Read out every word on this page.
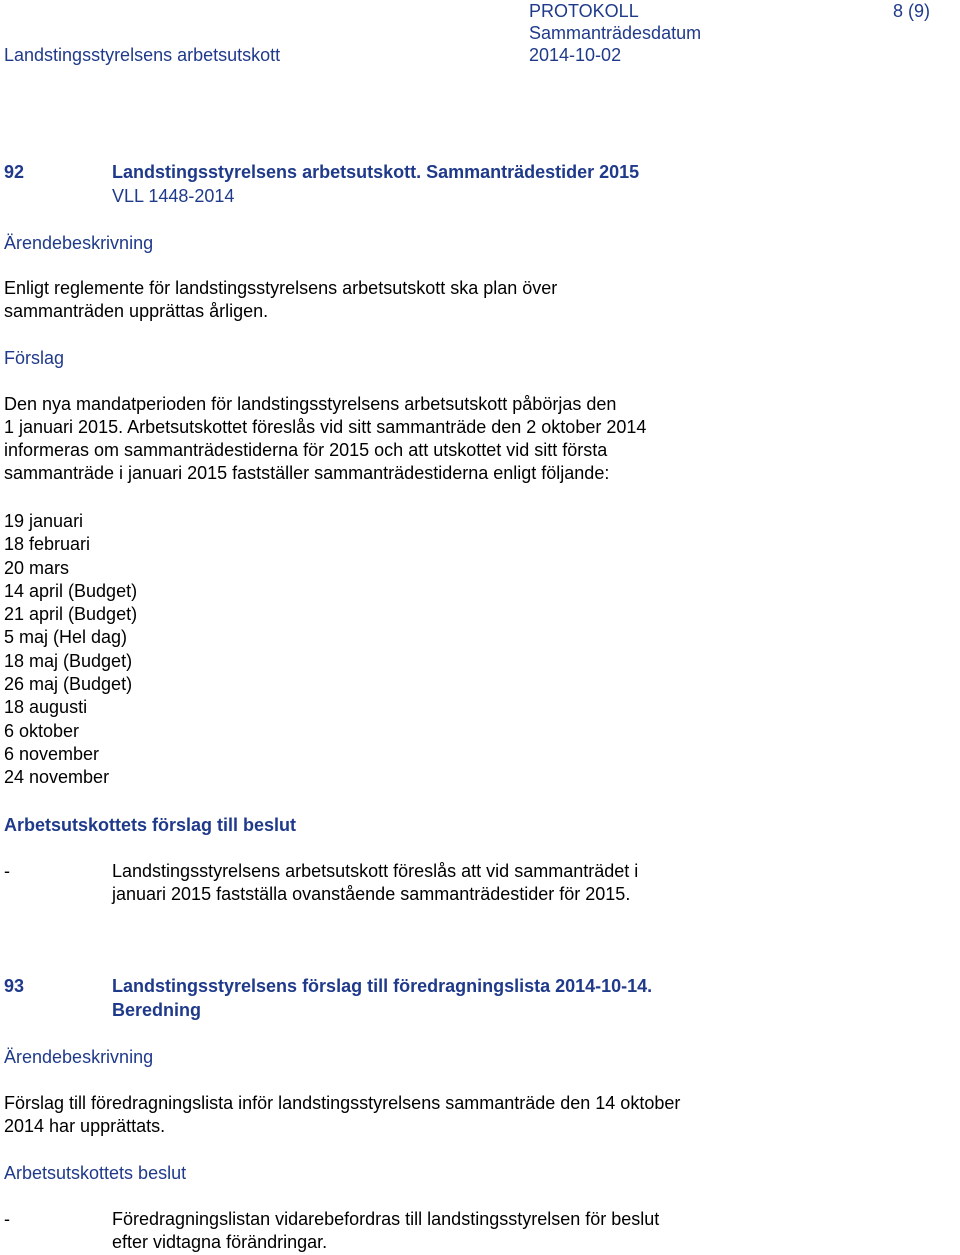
Landstingsstyrelsens arbetsutskott
PROTOKOLL	8 (9)
Sammanträdesdatum
2014-10-02
92	Landstingsstyrelsens arbetsutskott. Sammanträdestider 2015
VLL 1448-2014
Ärendebeskrivning
Enligt reglemente för landstingsstyrelsens arbetsutskott ska plan över
sammanträden upprättas årligen.
Förslag
Den nya mandatperioden för landstingsstyrelsens arbetsutskott påbörjas den
1 januari 2015. Arbetsutskottet föreslås vid sitt sammanträde den 2 oktober 2014
informeras om sammanträdestiderna för 2015 och att utskottet vid sitt första
sammanträde i januari 2015 fastställer sammanträdestiderna enligt följande:
19 januari
18 februari
20 mars
14 april (Budget)
21 april (Budget)
5 maj (Hel dag)
18 maj (Budget)
26 maj (Budget)
18 augusti
6 oktober
6 november
24 november
Arbetsutskottets förslag till beslut
-	Landstingsstyrelsens arbetsutskott föreslås att vid sammanträdet i
januari 2015 fastställa ovanstående sammanträdestider för 2015.
93	Landstingsstyrelsens förslag till föredragningslista 2014-10-14.
Beredning
Ärendebeskrivning
Förslag till föredragningslista inför landstingsstyrelsens sammanträde den 14 oktober
2014 har upprättats.
Arbetsutskottets beslut
-	Föredragningslistan vidarebefordras till landstingsstyrelsen för beslut
efter vidtagna förändringar.
